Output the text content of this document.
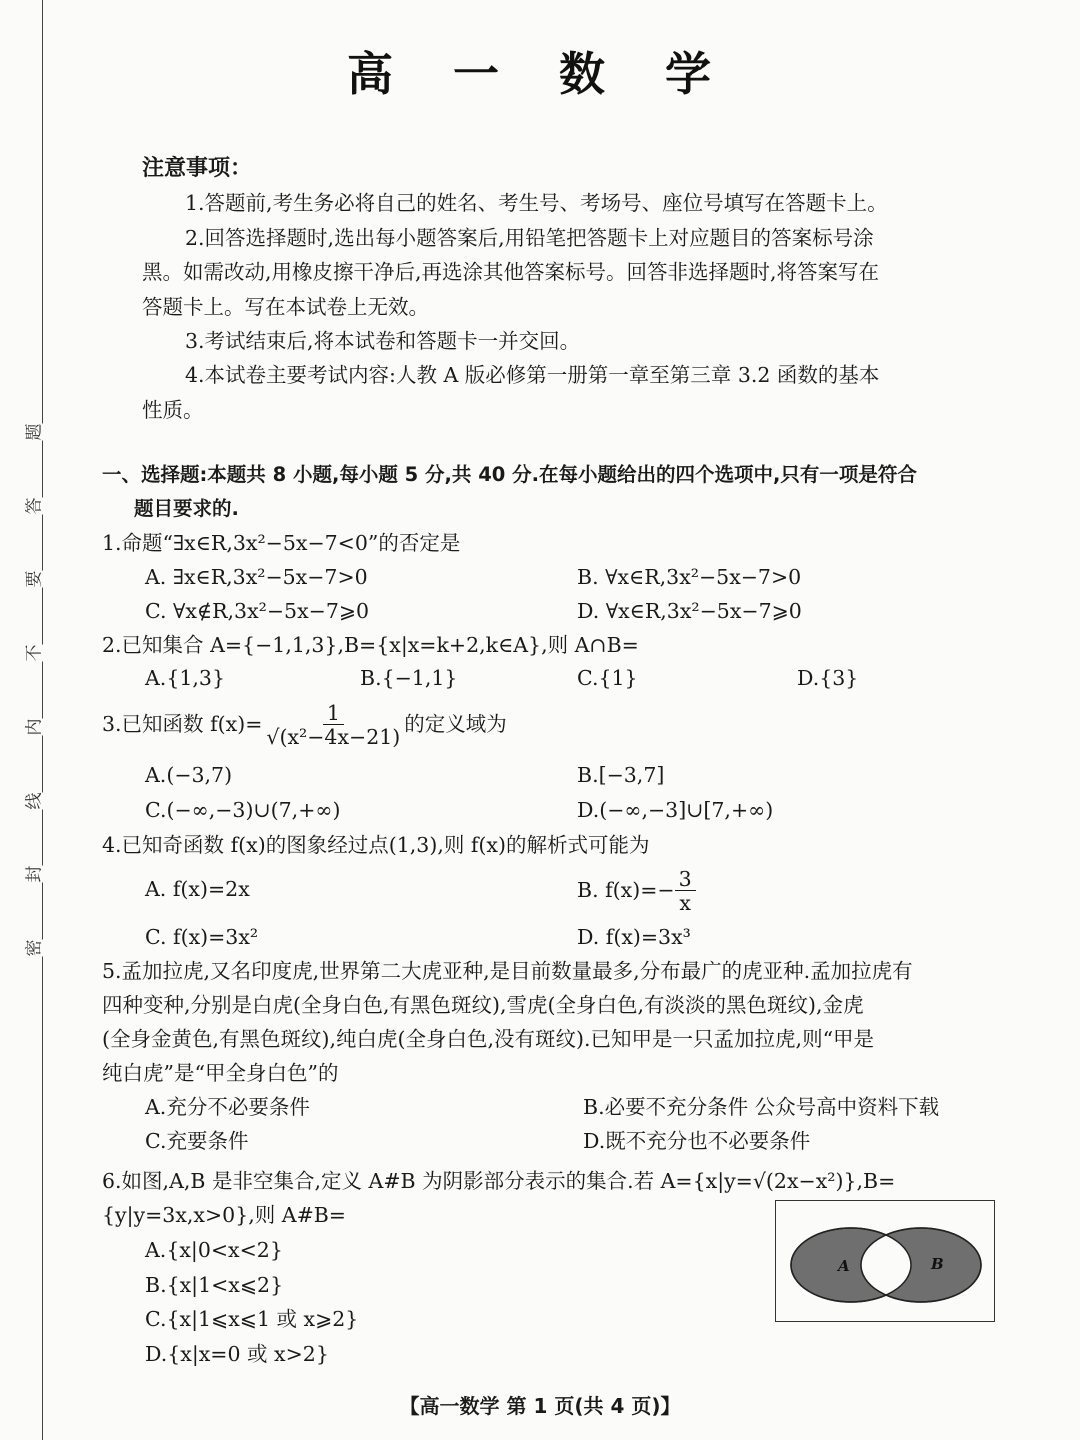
题
答
要
不
内
线
封
密
高 一 数 学
注意事项：
1.答题前,考生务必将自己的姓名、考生号、考场号、座位号填写在答题卡上。
2.回答选择题时,选出每小题答案后,用铅笔把答题卡上对应题目的答案标号涂
黑。如需改动,用橡皮擦干净后,再选涂其他答案标号。回答非选择题时,将答案写在
答题卡上。写在本试卷上无效。
3.考试结束后,将本试卷和答题卡一并交回。
4.本试卷主要考试内容:人教 A 版必修第一册第一章至第三章 3.2 函数的基本
性质。
一、选择题:本题共 8 小题,每小题 5 分,共 40 分.在每小题给出的四个选项中,只有一项是符合
题目要求的.
1.命题“∃x∈R,3x²−5x−7<0”的否定是
A. ∃x∈R,3x²−5x−7>0	B. ∀x∈R,3x²−5x−7>0
C. ∀x∉R,3x²−5x−7⩾0	D. ∀x∈R,3x²−5x−7⩾0
2.已知集合 A={−1,1,3},B={x|x=k+2,k∈A},则 A∩B=
A.{1,3}	B.{−1,1}	C.{1}	D.{3}
3.已知函数 $f(x)= \frac{1}{\text{√(x²−4x−21)}}$ 的定义域为
A.(−3,7)	B.[−3,7]
C.(−∞,−3)∪(7,+∞)	D.(−∞,−3]∪[7,+∞)
4.已知奇函数 f(x)的图象经过点(1,3),则 f(x)的解析式可能为
A. f(x)=2x	B. $f(x)=- \frac{3}{x}$
C. f(x)=3x²	D. f(x)=3x³
5.孟加拉虎,又名印度虎,世界第二大虎亚种,是目前数量最多,分布最广的虎亚种.孟加拉虎有
四种变种,分别是白虎(全身白色,有黑色斑纹),雪虎(全身白色,有淡淡的黑色斑纹),金虎
(全身金黄色,有黑色斑纹),纯白虎(全身白色,没有斑纹).已知甲是一只孟加拉虎,则“甲是
纯白虎”是“甲全身白色”的
A.充分不必要条件	B.必要不充分条件 公众号高中资料下载
C.充要条件	D.既不充分也不必要条件
6.如图,A,B 是非空集合,定义 A#B 为阴影部分表示的集合.若 A={x|y=√(2x−x²)},B=
{y|y=3x,x>0},则 A#B=
A.{x|0<x<2}
B.{x|1<x⩽2}
C.{x|1⩽x⩽1 或 x⩾2}
D.{x|x=0 或 x>2}
A	B
【高一数学 第 1 页(共 4 页)】
